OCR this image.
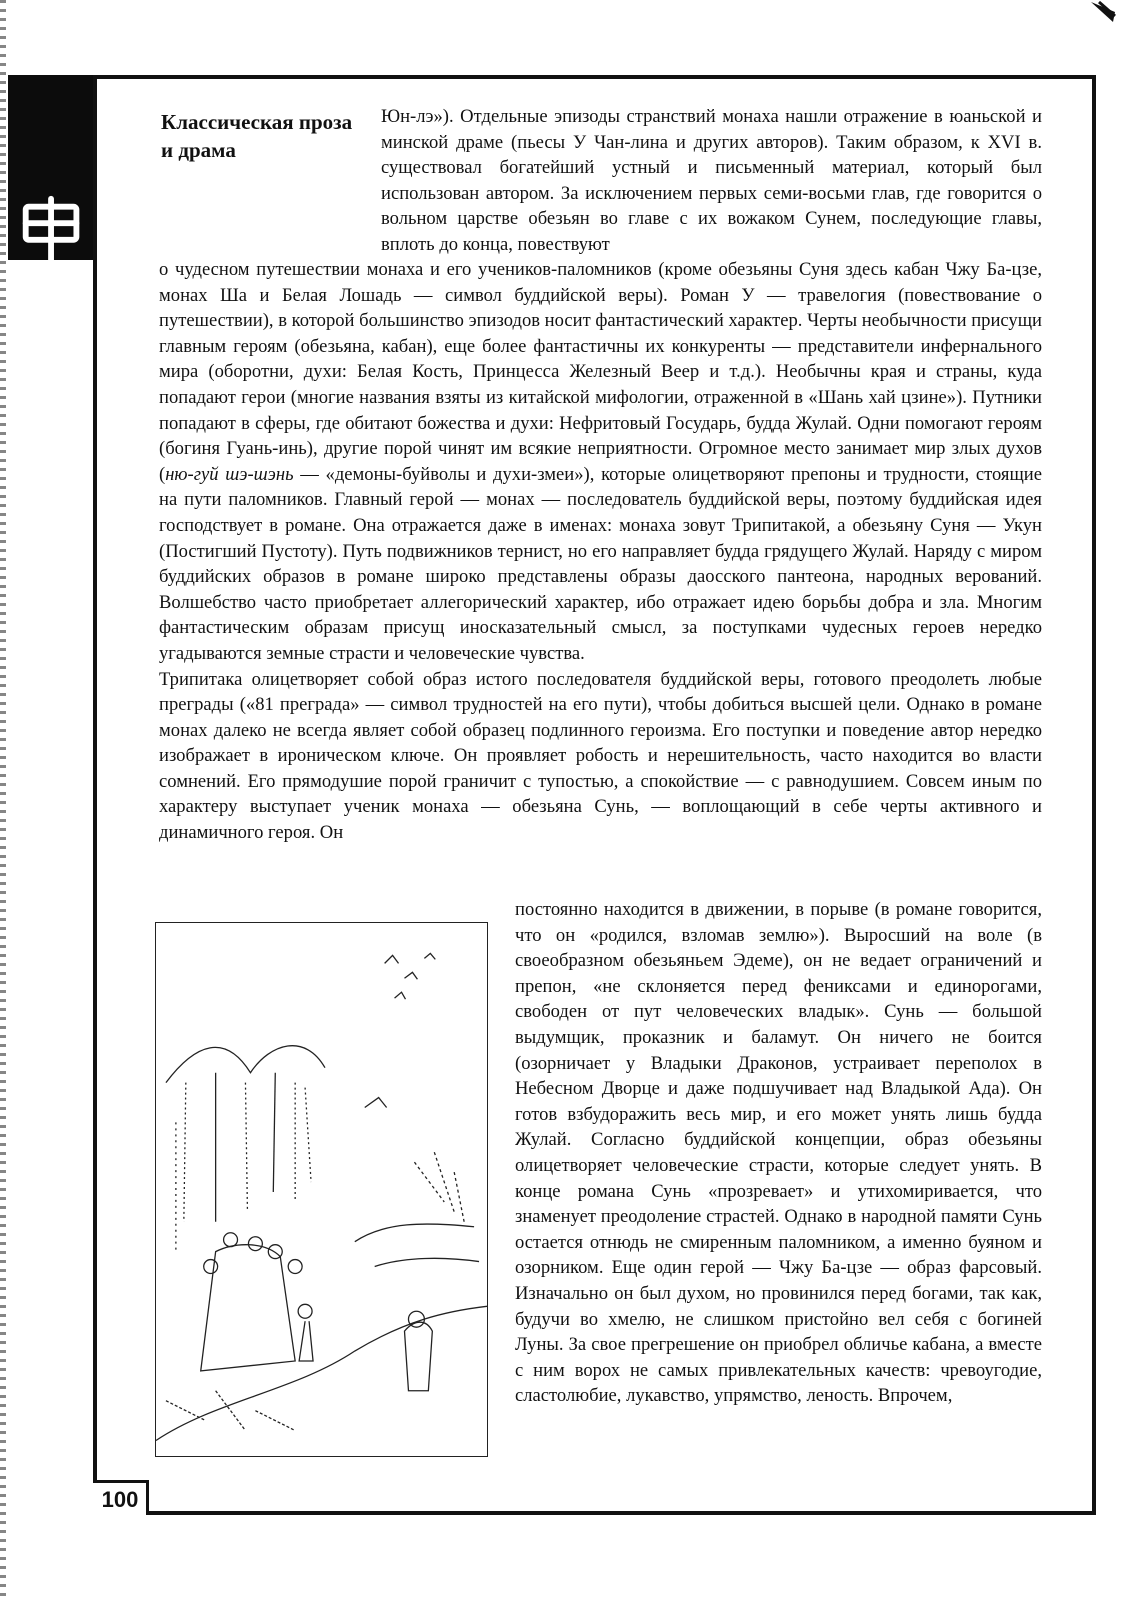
Классическая проза и драма

Юн-лэ»). Отдельные эпизоды странствий монаха нашли отражение в юаньской и минской драме (пьесы У Чан-лина и других авторов). Таким образом, к XVI в. существовал богатейший устный и письменный материал, который был использован автором. За исключением первых семи-восьми глав, где говорится о вольном царстве обезьян во главе с их вожаком Сунем, последующие главы, вплоть до конца, повествуют

о чудесном путешествии монаха и его учеников-паломников (кроме обезьяны Суня здесь кабан Чжу Ба-цзе, монах Ша и Белая Лошадь — символ буддийской веры). Роман У — травелогия (повествование о путешествии), в которой большинство эпизодов носит фантастический характер. Черты необычности присущи главным героям (обезьяна, кабан), еще более фантастичны их конкуренты — представители инфернального мира (оборотни, духи: Белая Кость, Принцесса Железный Веер и т.д.). Необычны края и страны, куда попадают герои (многие названия взяты из китайской мифологии, отраженной в «Шань хай цзине»). Путники попадают в сферы, где обитают божества и духи: Нефритовый Государь, будда Жулай. Одни помогают героям (богиня Гуань-инь), другие порой чинят им всякие неприятности. Огромное место занимает мир злых духов (ню-гуй шэ-шэнь — «демоны-буйволы и духи-змеи»), которые олицетворяют препоны и трудности, стоящие на пути паломников. Главный герой — монах — последователь буддийской веры, поэтому буддийская идея господствует в романе. Она отражается даже в именах: монаха зовут Трипитакой, а обезьяну Суня — Укун (Постигший Пустоту). Путь подвижников тернист, но его направляет будда грядущего Жулай. Наряду с миром буддийских образов в романе широко представлены образы даосского пантеона, народных верований. Волшебство часто приобретает аллегорический характер, ибо отражает идею борьбы добра и зла. Многим фантастическим образам присущ иносказательный смысл, за поступками чудесных героев нередко угадываются земные страсти и человеческие чувства.

Трипитака олицетворяет собой образ истого последователя буддийской веры, готового преодолеть любые преграды («81 преграда» — символ трудностей на его пути), чтобы добиться высшей цели. Однако в романе монах далеко не всегда являет собой образец подлинного героизма. Его поступки и поведение автор нередко изображает в ироническом ключе. Он проявляет робость и нерешительность, часто находится во власти сомнений. Его прямодушие порой граничит с тупостью, а спокойствие — с равнодушием. Совсем иным по характеру выступает ученик монаха — обезьяна Сунь, — воплощающий в себе черты активного и динамичного героя. Он

постоянно находится в движении, в порыве (в романе говорится, что он «родился, взломав землю»). Выросший на воле (в своеобразном обезьяньем Эдеме), он не ведает ограничений и препон, «не склоняется перед фениксами и единорогами, свободен от пут человеческих владык». Сунь — большой выдумщик, проказник и баламут. Он ничего не боится (озорничает у Владыки Драконов, устраивает переполох в Небесном Дворце и даже подшучивает над Владыкой Ада). Он готов взбудоражить весь мир, и его может унять лишь будда Жулай. Согласно буддийской концепции, образ обезьяны олицетворяет человеческие страсти, которые следует унять. В конце романа Сунь «прозревает» и утихомиривается, что знаменует преодоление страстей. Однако в народной памяти Сунь остается отнюдь не смиренным паломником, а именно буяном и озорником. Еще один герой — Чжу Ба-цзе — образ фарсовый. Изначально он был духом, но провинился перед богами, так как, будучи во хмелю, не слишком пристойно вел себя с богиней Луны. За свое прегрешение он приобрел обличье кабана, а вместе с ним ворох не самых привлекательных качеств: чревоугодие, сластолюбие, лукавство, упрямство, леность. Впрочем,

100
